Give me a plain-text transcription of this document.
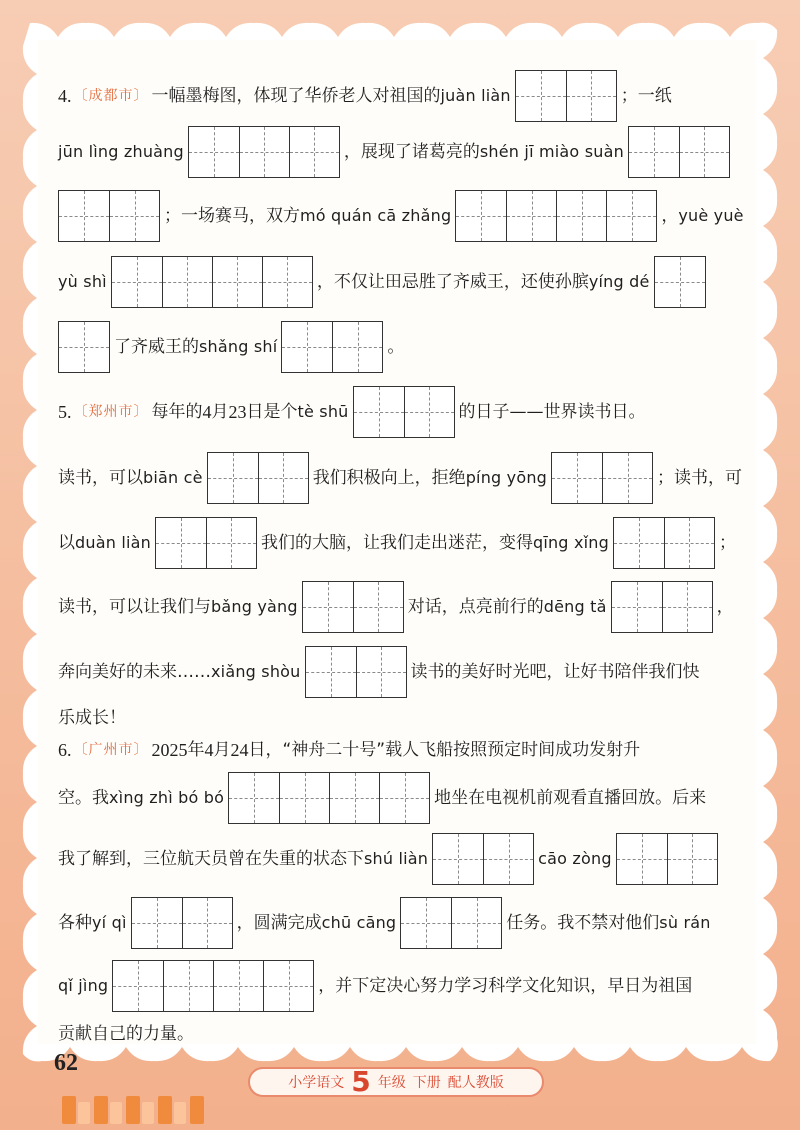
4. 〔成都市〕 一幅墨梅图，体现了华侨老人对祖国的 juàn liàn	；一纸
jūn lìng zhuàng	，展现了诸葛亮的 shén jī miào suàn
；一场赛马，双方 mó quán cā zhǎng	， yuè yuè
yù shì	，不仅让田忌胜了齐威王，还使孙膑 yíng dé
了齐威王的 shǎng shí	。
5. 〔郑州市〕 每年的 4 月 23 日是个 tè shū	的日子——世界读书日。
读书，可以 biān cè	我们积极向上，拒绝 píng yōng	；读书，可
以 duàn liàn	我们的大脑，让我们走出迷茫，变得 qīng xǐng	；
读书，可以让我们与 bǎng yàng	对话，点亮前行的 dēng tǎ	，
奔向美好的未来…… xiǎng shòu	读书的美好时光吧，让好书陪伴我们快
乐成长！
6. 〔广州市〕 2025 年 4 月 24 日，“神舟二十号”载人飞船按照预定时间成功发射升
空。我 xìng zhì bó bó	地坐在电视机前观看直播回放。后来
我了解到，三位航天员曾在失重的状态下 shú liàn	cāo zòng
各种 yí qì	，圆满完成 chū cāng	任务。我不禁对他们 sù rán
qǐ jìng	，并下定决心努力学习科学文化知识，早日为祖国
贡献自己的力量。
62
小学语文 5 年级 下册 配人教版
